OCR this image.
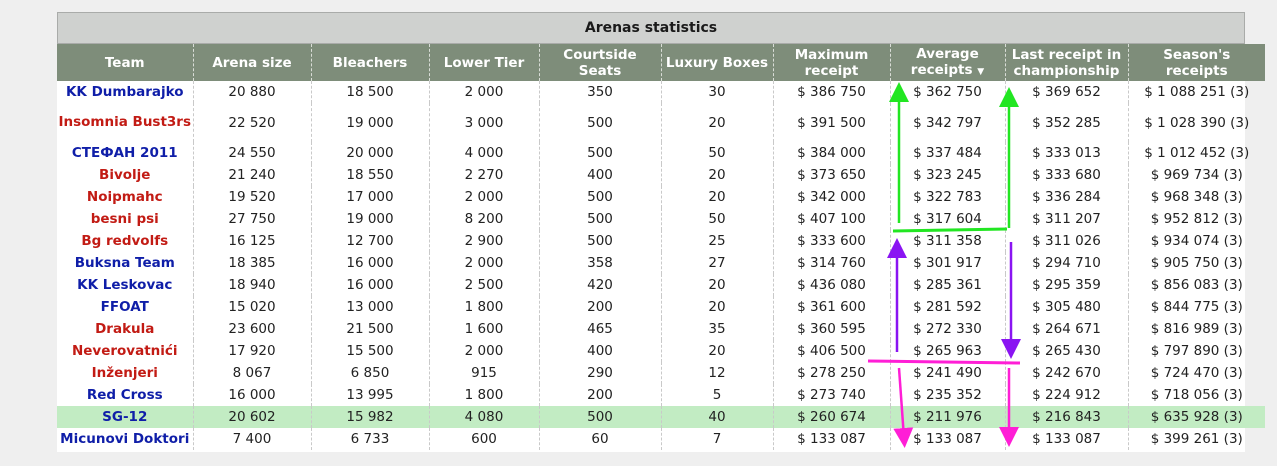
Arenas statistics
Team	Arena size	Bleachers	Lower Tier	Courtside Seats	Luxury Boxes	Maximum receipt	Average receipts ▼	Last receipt in championship	Season's receipts
KK Dumbarajko	20 880	18 500	2 000	350	30	$ 386 750	$ 362 750	$ 369 652	$ 1 088 251 (3)
Insomnia Bust3rs	22 520	19 000	3 000	500	20	$ 391 500	$ 342 797	$ 352 285	$ 1 028 390 (3)
СТЕФАН 2011	24 550	20 000	4 000	500	50	$ 384 000	$ 337 484	$ 333 013	$ 1 012 452 (3)
Bivolje	21 240	18 550	2 270	400	20	$ 373 650	$ 323 245	$ 333 680	$ 969 734 (3)
Noipmahc	19 520	17 000	2 000	500	20	$ 342 000	$ 322 783	$ 336 284	$ 968 348 (3)
besni psi	27 750	19 000	8 200	500	50	$ 407 100	$ 317 604	$ 311 207	$ 952 812 (3)
Bg redvolfs	16 125	12 700	2 900	500	25	$ 333 600	$ 311 358	$ 311 026	$ 934 074 (3)
Buksna Team	18 385	16 000	2 000	358	27	$ 314 760	$ 301 917	$ 294 710	$ 905 750 (3)
KK Leskovac	18 940	16 000	2 500	420	20	$ 436 080	$ 285 361	$ 295 359	$ 856 083 (3)
FFOAT	15 020	13 000	1 800	200	20	$ 361 600	$ 281 592	$ 305 480	$ 844 775 (3)
Drakula	23 600	21 500	1 600	465	35	$ 360 595	$ 272 330	$ 264 671	$ 816 989 (3)
Neverovatnići	17 920	15 500	2 000	400	20	$ 406 500	$ 265 963	$ 265 430	$ 797 890 (3)
Inženjeri	8 067	6 850	915	290	12	$ 278 250	$ 241 490	$ 242 670	$ 724 470 (3)
Red Cross	16 000	13 995	1 800	200	5	$ 273 740	$ 235 352	$ 224 912	$ 718 056 (3)
SG-12	20 602	15 982	4 080	500	40	$ 260 674	$ 211 976	$ 216 843	$ 635 928 (3)
Micunovi Doktori	7 400	6 733	600	60	7	$ 133 087	$ 133 087	$ 133 087	$ 399 261 (3)
